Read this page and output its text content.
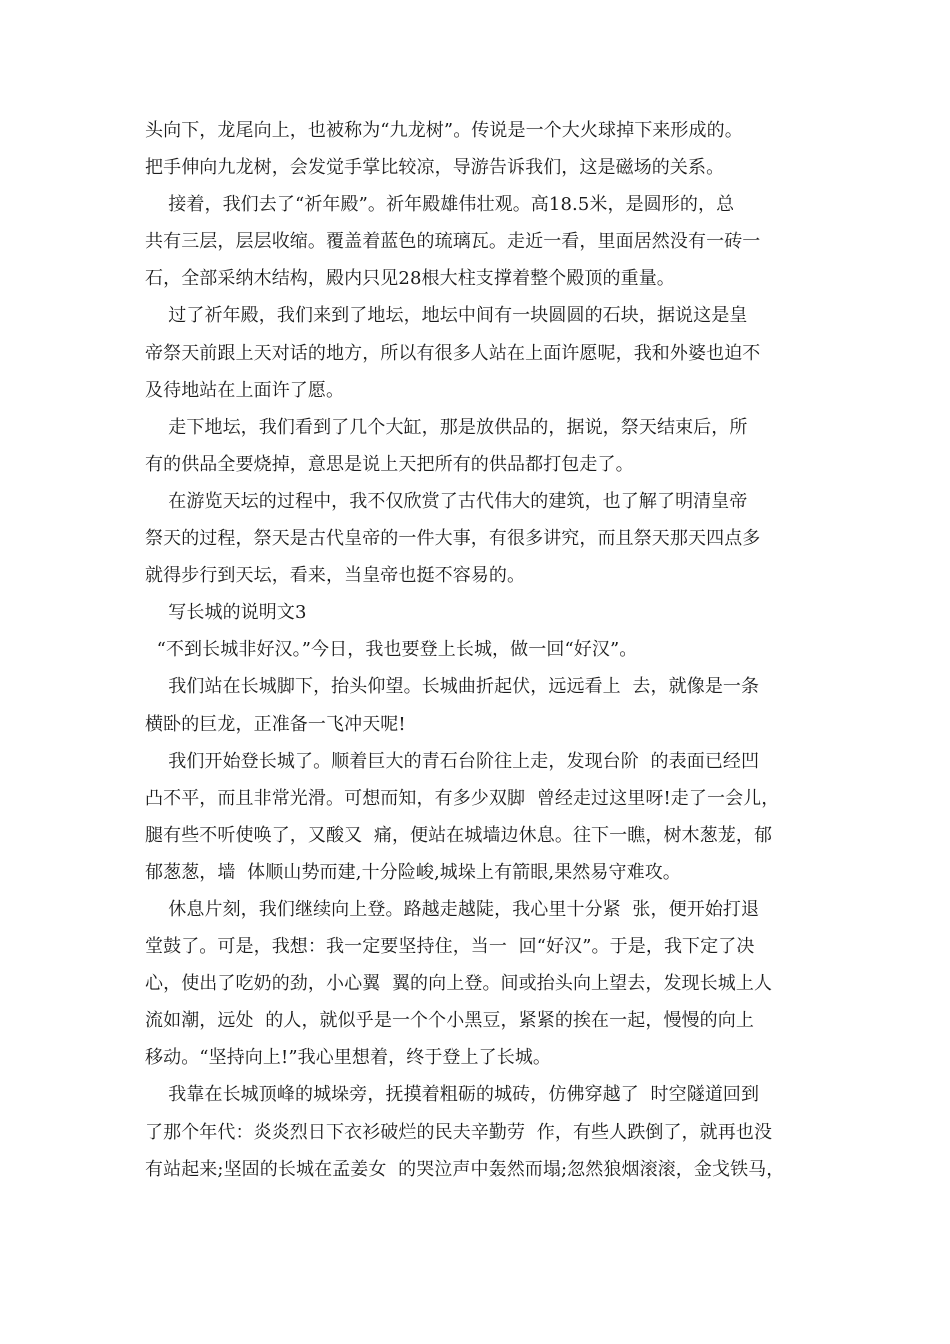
头向下，龙尾向上，也被称为“九龙树”。传说是一个大火球掉下来形成的。
把手伸向九龙树，会发觉手掌比较凉，导游告诉我们，这是磁场的关系。
接着，我们去了“祈年殿”。祈年殿雄伟壮观。高18.5米，是圆形的，总
共有三层，层层收缩。覆盖着蓝色的琉璃瓦。走近一看，里面居然没有一砖一
石，全部采纳木结构，殿内只见28根大柱支撑着整个殿顶的重量。
过了祈年殿，我们来到了地坛，地坛中间有一块圆圆的石块，据说这是皇
帝祭天前跟上天对话的地方，所以有很多人站在上面许愿呢，我和外婆也迫不
及待地站在上面许了愿。
走下地坛，我们看到了几个大缸，那是放供品的，据说，祭天结束后，所
有的供品全要烧掉，意思是说上天把所有的供品都打包走了。
在游览天坛的过程中，我不仅欣赏了古代伟大的建筑，也了解了明清皇帝
祭天的过程，祭天是古代皇帝的一件大事，有很多讲究，而且祭天那天四点多
就得步行到天坛，看来，当皇帝也挺不容易的。
写长城的说明文3
“不到长城非好汉。”今日，我也要登上长城，做一回“好汉”。
我们站在长城脚下，抬头仰望。长城曲折起伏，远远看上  去，就像是一条
横卧的巨龙，正准备一飞冲天呢!
我们开始登长城了。顺着巨大的青石台阶往上走，发现台阶  的表面已经凹
凸不平，而且非常光滑。可想而知，有多少双脚  曾经走过这里呀!走了一会儿，
腿有些不听使唤了，又酸又  痛，便站在城墙边休息。往下一瞧，树木葱茏，郁
郁葱葱，墙  体顺山势而建,十分险峻,城垛上有箭眼,果然易守难攻。
休息片刻，我们继续向上登。路越走越陡，我心里十分紧  张，便开始打退
堂鼓了。可是，我想：我一定要坚持住，当一  回“好汉”。于是，我下定了决
心，使出了吃奶的劲，小心翼  翼的向上登。间或抬头向上望去，发现长城上人
流如潮，远处  的人，就似乎是一个个小黑豆，紧紧的挨在一起，慢慢的向上
移动。“坚持向上!”我心里想着，终于登上了长城。
我靠在长城顶峰的城垛旁，抚摸着粗砺的城砖，仿佛穿越了  时空隧道回到
了那个年代：炎炎烈日下衣衫破烂的民夫辛勤劳  作，有些人跌倒了，就再也没
有站起来;坚固的长城在孟姜女  的哭泣声中轰然而塌;忽然狼烟滚滚，金戈铁马，
